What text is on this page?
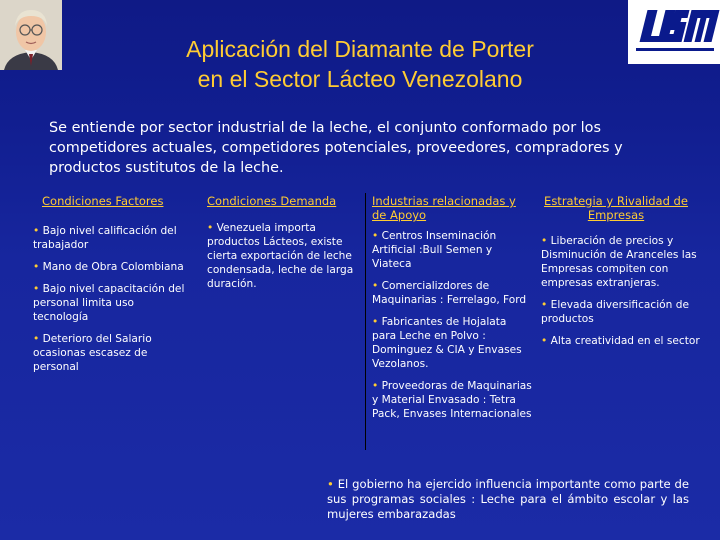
Aplicación del Diamante de Porter
en el Sector Lácteo Venezolano
Se entiende por sector industrial de la leche, el conjunto conformado por los competidores actuales, competidores potenciales, proveedores, compradores y productos sustitutos de la leche.
Condiciones Factores

• Bajo nivel calificación del trabajador

• Mano de Obra Colombiana

• Bajo nivel capacitación del personal limita uso tecnología

• Deterioro del Salario ocasionas escasez de personal

Condiciones Demanda

• Venezuela importa productos Lácteos, existe cierta exportación de leche condensada, leche de larga duración.

Industrias relacionadas y de Apoyo

• Centros Inseminación Artificial :Bull Semen y Viateca

• Comercializdores de Maquinarias : Ferrelago, Ford

• Fabricantes de Hojalata para Leche en Polvo : Dominguez & CIA y Envases Vezolanos.

• Proveedoras de Maquinarias y Material Envasado : Tetra Pack, Envases Internacionales

Estrategia y Rivalidad de Empresas

• Liberación de precios y Disminución de Aranceles las Empresas compiten con empresas extranjeras.

• Elevada diversificación de productos

• Alta creatividad en el sector

• El gobierno ha ejercido influencia importante como parte de sus programas sociales : Leche para el ámbito escolar y las mujeres embarazadas
